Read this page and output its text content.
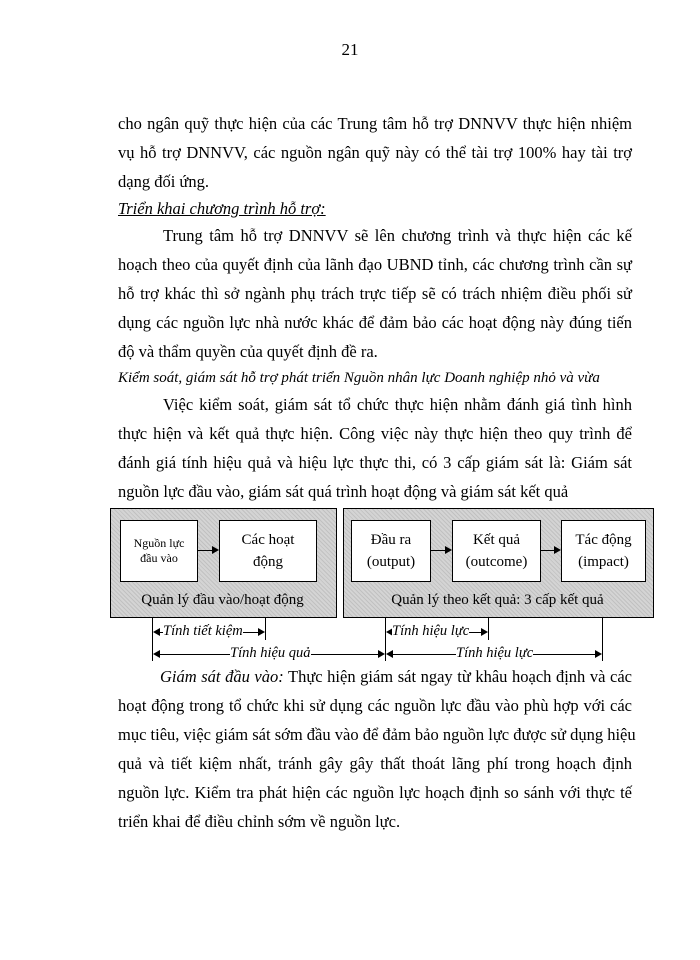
21
cho ngân quỹ thực hiện của các Trung tâm hỗ trợ DNNVV thực hiện nhiệm
vụ hỗ trợ DNNVV, các nguồn ngân quỹ này có thể tài trợ 100% hay tài trợ
dạng đối ứng.
Triển khai chương trình hỗ trợ:
Trung tâm hỗ trợ DNNVV sẽ lên chương trình và thực hiện các kế
hoạch theo của quyết định của lãnh đạo UBND tỉnh, các chương trình cần sự
hỗ trợ khác thì sở ngành phụ trách trực tiếp sẽ có trách nhiệm điều phối sử
dụng các nguồn lực nhà nước khác để đảm bảo các hoạt động này đúng tiến
độ và thẩm quyền của quyết định đề ra.
Kiểm soát, giám sát hỗ trợ phát triển Nguồn nhân lực Doanh nghiệp nhỏ và vừa
Việc kiểm soát, giám sát tổ chức thực hiện nhằm đánh giá tình hình
thực hiện và kết quả thực hiện. Công việc này thực hiện theo quy trình để
đánh giá tính hiệu quả và hiệu lực thực thi, có 3 cấp giám sát là: Giám sát
nguồn lực đầu vào, giám sát quá trình hoạt động và giám sát kết quả
Nguồn lực
đầu vào
Các hoạt
động
Đầu ra
(output)
Kết quả
(outcome)
Tác động
(impact)
Quản lý đầu vào/hoạt động	Quản lý theo kết quả: 3 cấp kết quả
Tính tiết kiệm	Tính hiệu lực
Tính hiệu quả	Tính hiệu lực
Giám sát đầu vào: Thực hiện giám sát ngay từ khâu hoạch định và các
hoạt động trong tổ chức khi sử dụng các nguồn lực đầu vào phù hợp với các
mục tiêu, việc giám sát sớm đầu vào để đảm bảo nguồn lực được sử dụng hiệu
quả và tiết kiệm nhất, tránh gây gây thất thoát lãng phí trong hoạch định
nguồn lực. Kiểm tra phát hiện các nguồn lực hoạch định so sánh với thực tế
triển khai để điều chỉnh sớm về nguồn lực.
